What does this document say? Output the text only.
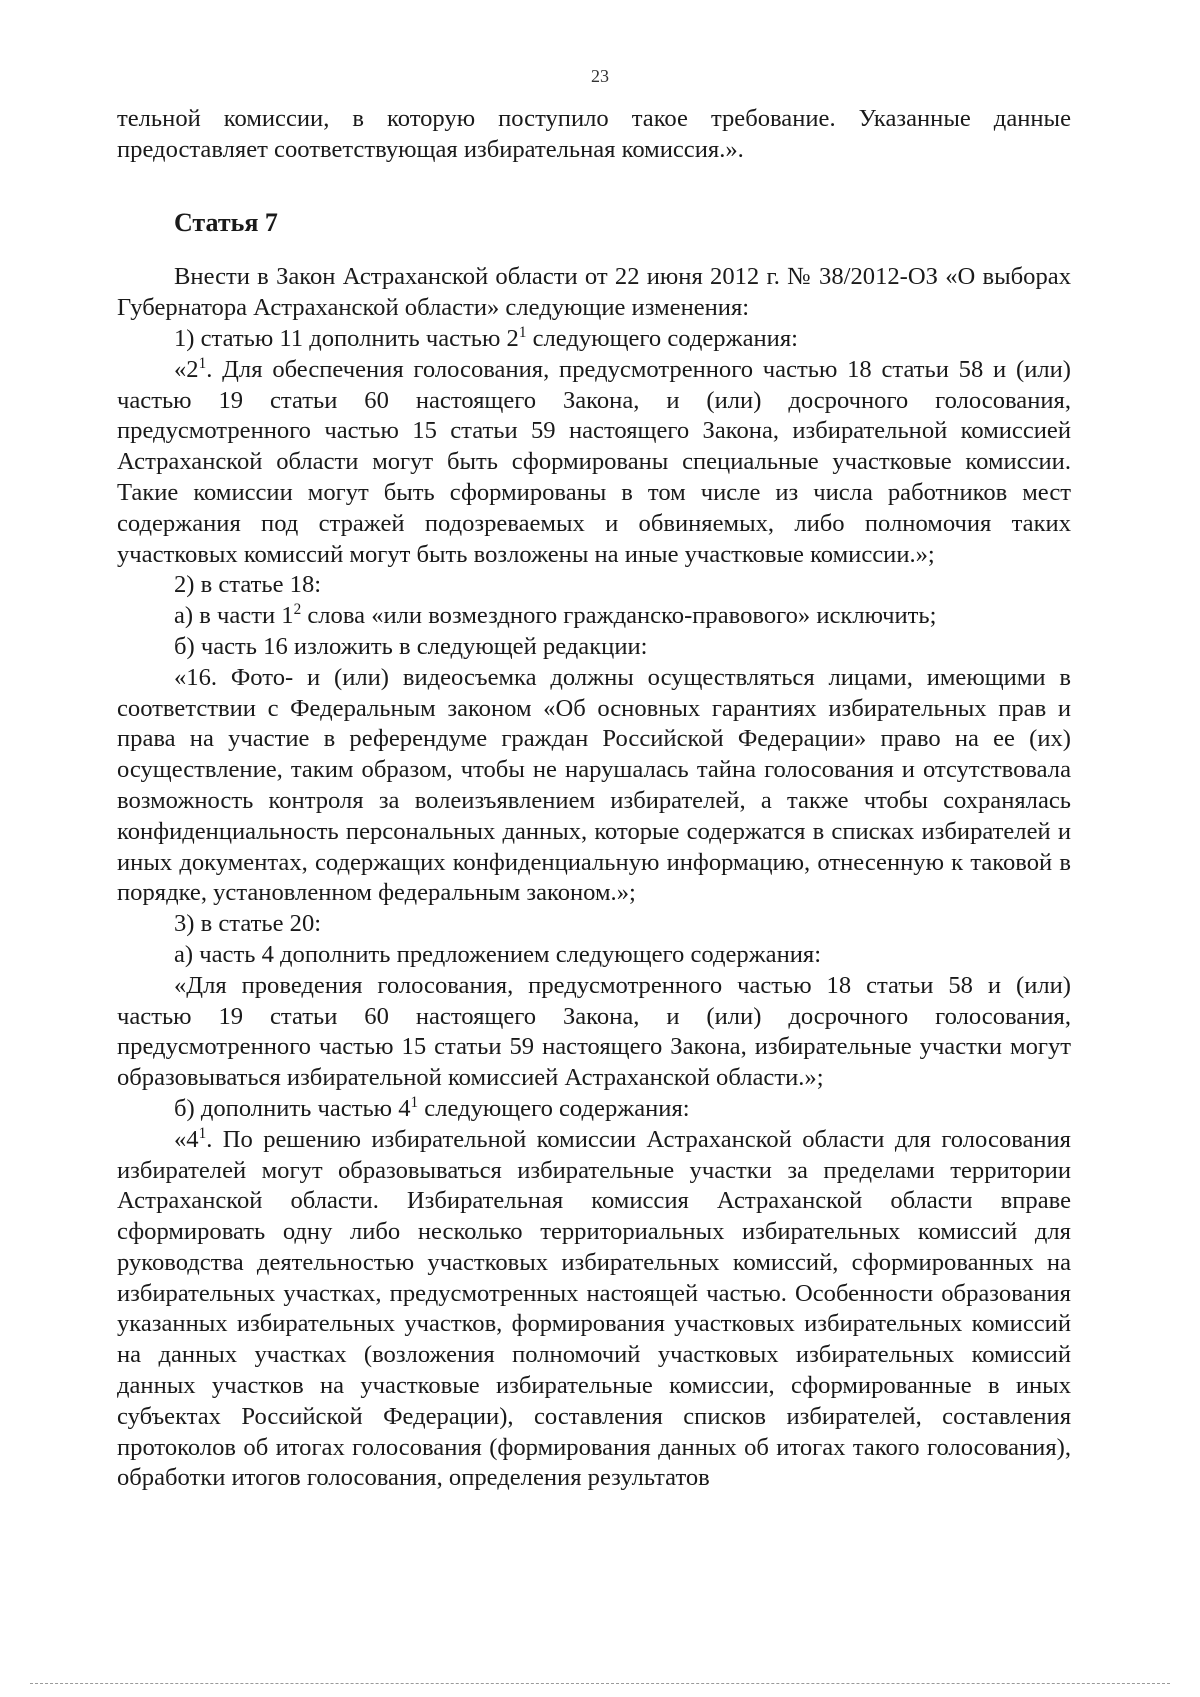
23

тельной комиссии, в которую поступило такое требование. Указанные данные предоставляет соответствующая избирательная комиссия.».

Статья 7

Внести в Закон Астраханской области от 22 июня 2012 г. № 38/2012-ОЗ «О выборах Губернатора Астраханской области» следующие изменения:

1) статью 11 дополнить частью $2^1$ следующего содержания:

«$2^1$. Для обеспечения голосования, предусмотренного частью 18 статьи 58 и (или) частью 19 статьи 60 настоящего Закона, и (или) досрочного голосования, предусмотренного частью 15 статьи 59 настоящего Закона, избирательной комиссией Астраханской области могут быть сформированы специальные участковые комиссии. Такие комиссии могут быть сформированы в том числе из числа работников мест содержания под стражей подозреваемых и обвиняемых, либо полномочия таких участковых комиссий могут быть возложены на иные участковые комиссии.»;

2) в статье 18:

а) в части $1^2$ слова «или возмездного гражданско-правового» исключить;

б) часть 16 изложить в следующей редакции:

«16. Фото- и (или) видеосъемка должны осуществляться лицами, имеющими в соответствии с Федеральным законом «Об основных гарантиях избирательных прав и права на участие в референдуме граждан Российской Федерации» право на ее (их) осуществление, таким образом, чтобы не нарушалась тайна голосования и отсутствовала возможность контроля за волеизъявлением избирателей, а также чтобы сохранялась конфиденциальность персональных данных, которые содержатся в списках избирателей и иных документах, содержащих конфиденциальную информацию, отнесенную к таковой в порядке, установленном федеральным законом.»;

3) в статье 20:

а) часть 4 дополнить предложением следующего содержания:

«Для проведения голосования, предусмотренного частью 18 статьи 58 и (или) частью 19 статьи 60 настоящего Закона, и (или) досрочного голосования, предусмотренного частью 15 статьи 59 настоящего Закона, избирательные участки могут образовываться избирательной комиссией Астраханской области.»;

б) дополнить частью $4^1$ следующего содержания:

«$4^1$. По решению избирательной комиссии Астраханской области для голосования избирателей могут образовываться избирательные участки за пределами территории Астраханской области. Избирательная комиссия Астраханской области вправе сформировать одну либо несколько территориальных избирательных комиссий для руководства деятельностью участковых избирательных комиссий, сформированных на избирательных участках, предусмотренных настоящей частью. Особенности образования указанных избирательных участков, формирования участковых избирательных комиссий на данных участках (возложения полномочий участковых избирательных комиссий данных участков на участковые избирательные комиссии, сформированные в иных субъектах Российской Федерации), составления списков избирателей, составления протоколов об итогах голосования (формирования данных об итогах такого голосования), обработки итогов голосования, определения результатов
